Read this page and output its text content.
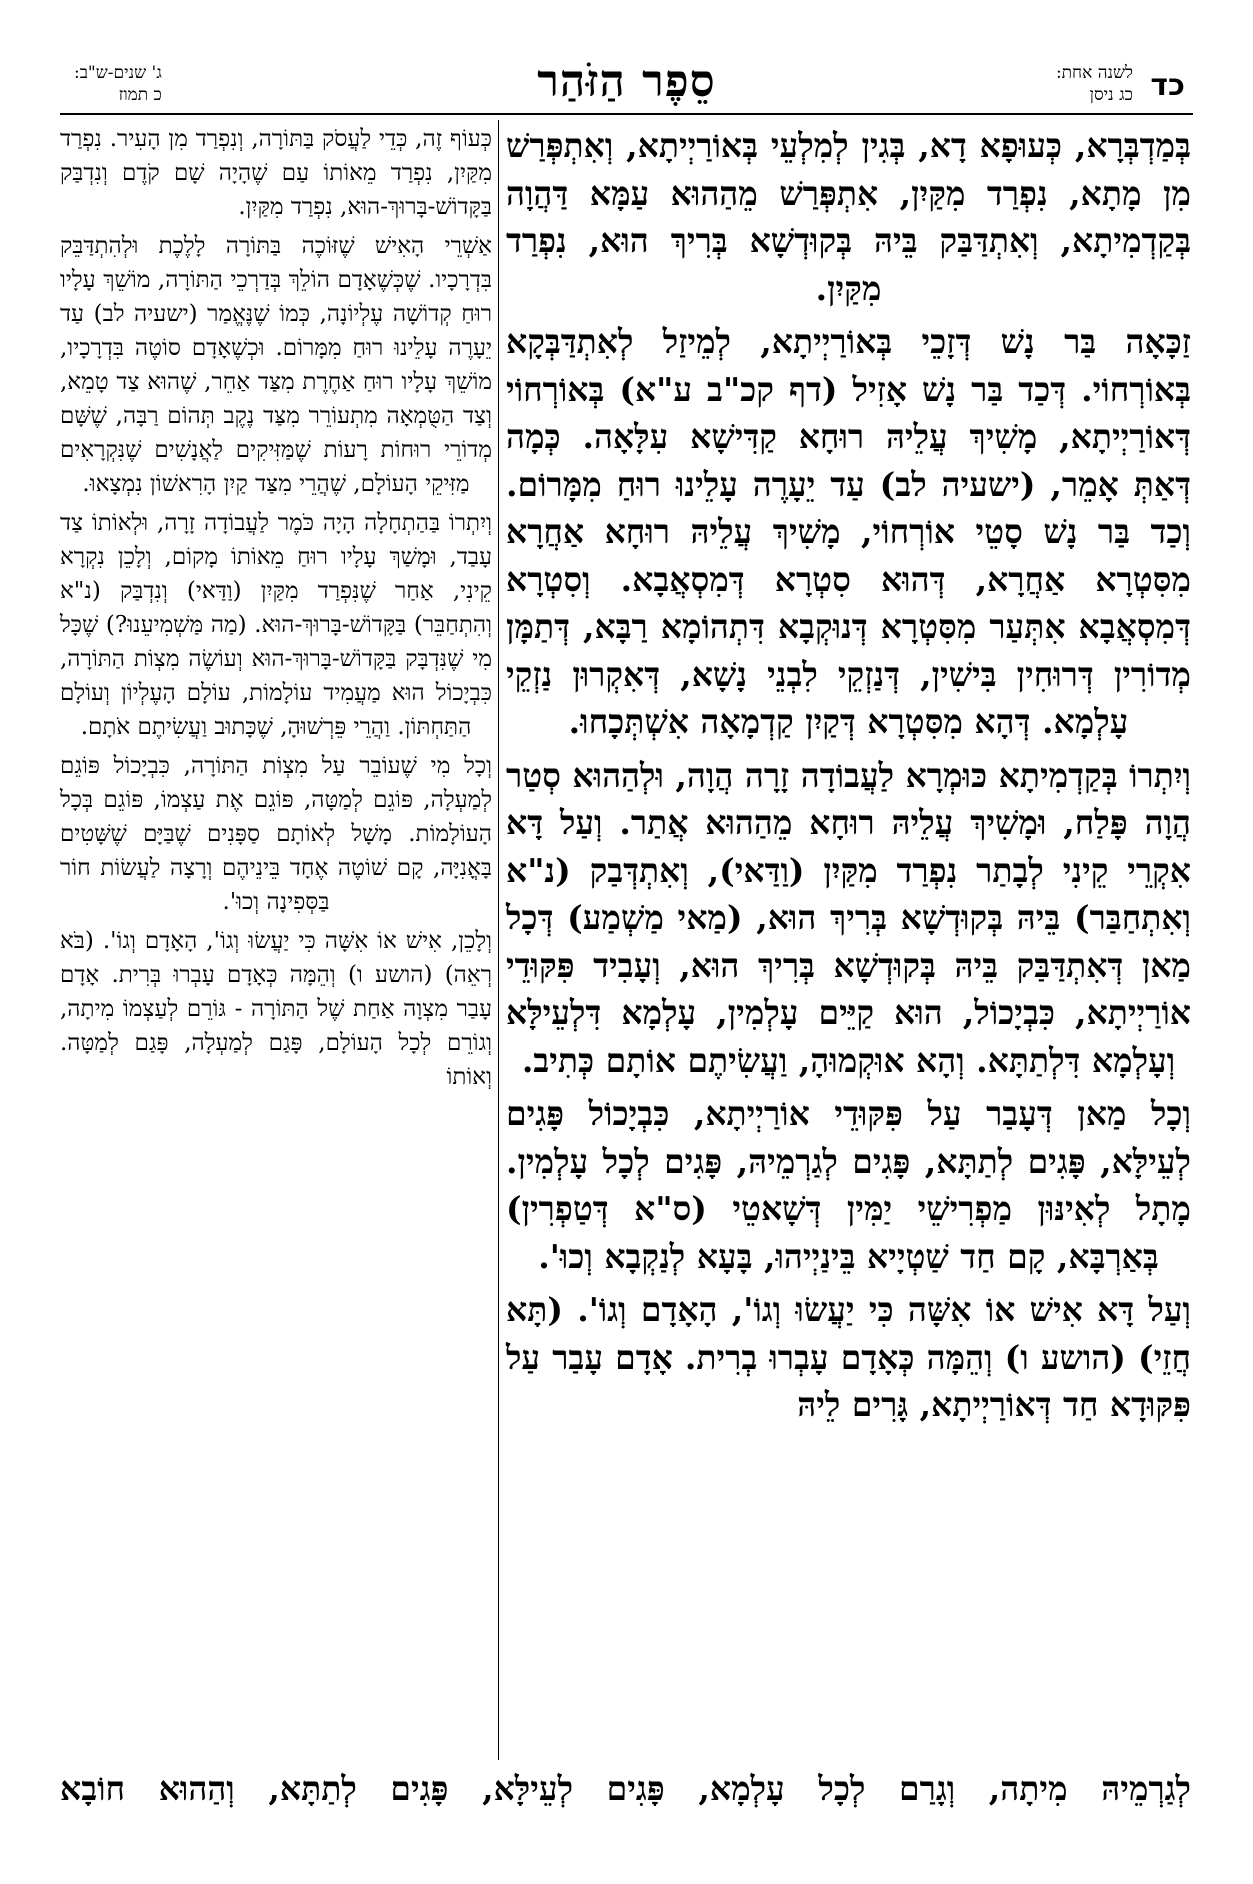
כד
לשנה אחת:
כג ניסן
סֵפֶר הַזֹּהַר
ג' שנים-ש"ב:
כ תמוז

בְּמַדְבְּרָא, כְּעוּפָא דָא, בְּגִין לְמִלְעֵי בְּאוֹרַיְיתָא, וְאִתְפְּרַשׁ מִן מָתָא, נִפְרַד מִקַּיִן, אִתְפְּרַשׁ מֵהַהוּא עַמָּא דַּהֲוָה בְּקַדְמִיתָא, וְאִתְדַּבַּק בֵּיהּ בְּקוּדְשָׁא בְּרִיךְ הוּא, נִפְרַד מִקַּיִן.

זַכָּאָה בַּר נָשׁ דְּזָכֵי בְּאוֹרַיְיתָא, לְמֵיזַל לְאִתְדַּבְּקָא בְּאוֹרְחוֹי. דְּכַד בַּר נָשׁ אָזִיל (דף קכ"ב ע"א) בְּאוֹרְחוֹי דְּאוֹרַיְיתָא, מָשִׁיךְ עֲלֵיהּ רוּחָא קַדִּישָׁא עִלָּאָה. כְּמָה דְּאַתְּ אָמֵר, (ישעיה לב) עַד יֵעָרֶה עָלֵינוּ רוּחַ מִמָּרוֹם. וְכַד בַּר נָשׁ סָטֵי אוֹרְחוֹי, מָשִׁיךְ עֲלֵיהּ רוּחָא אַחֲרָא מִסִּטְרָא אַחֲרָא, דְּהוּא סִטְרָא דְּמִסְאֲבָא. וְסִטְרָא דְּמִסְאֲבָא אִתְּעַר מִסִּטְרָא דְּנוּקְבָא דִּתְהוֹמָא רַבָּא, דְּתַמָּן מְדוֹרִין דְּרוּחִין בִּישִׁין, דְּנַזְקֵי לִבְנֵי נָשָׁא, דְּאִקְרוּן נַזְקֵי עָלְמָא. דְּהָא מִסִּטְרָא דְּקַיִן קַדְמָאָה אִשְׁתְּכָחוּ.

וְיִתְרוֹ בְּקַדְמִיתָא כּוּמְרָא לַעֲבוֹדָה זָרָה הֲוָה, וּלְהַהוּא סְטַר הֲוָה פָּלַח, וּמָשִׁיךְ עֲלֵיהּ רוּחָא מֵהַהוּא אֲתַר. וְעַל דָּא אִקְרֵי קֵינִי לְבָתַר נִפְרַד מִקַּיִן (וַדַּאי), וְאִתְדְּבַק (נ"א וְאִתְחַבַּר) בֵּיהּ בְּקוּדְשָׁא בְּרִיךְ הוּא, (מַאי מַשְׁמַע) דְּכָל מַאן דְּאִתְדַּבַּק בֵּיהּ בְּקוּדְשָׁא בְּרִיךְ הוּא, וְעָבִיד פִּקּוּדֵי אוֹרַיְיתָא, כִּבְיָכוֹל, הוּא קַיֵּים עָלְמִין, עָלְמָא דִּלְעֵילָּא וְעָלְמָא דִּלְתַתָּא. וְהָא אוּקְמוּהָ, וַעֲשִׂיתֶם אוֹתָם כְּתִיב.

וְכָל מַאן דְּעָבַר עַל פִּקּוּדֵי אוֹרַיְיתָא, כִּבְיָכוֹל פָּגִים לְעֵילָּא, פָּגִים לְתַתָּא, פָּגִים לְגַרְמֵיהּ, פָּגִים לְכָל עָלְמִין. מָתָל לְאִינּוּן מַפְרִישֵׁי יַמִּין דְּשָׁאטֵי (ס"א דְּטַפְרִין) בְּאַרְבָּא, קָם חַד שַׁטְיָיא בֵּינַיְיהוּ, בָּעָא לְנַקְבָא וְכוּ'.

וְעַל דָּא אִישׁ אוֹ אִשָּׁה כִּי יַעֲשׂוּ וְגוֹ', הָאָדָם וְגוֹ'. (תָּא חֲזֵי) (הושע ו) וְהֵמָּה כְּאָדָם עָבְרוּ בְרִית. אָדָם עָבַר עַל פִּקּוּדָא חַד דְּאוֹרַיְיתָא, גָּרִים לֵיהּ

כְּעוֹף זֶה, כְּדֵי לַעֲסֹק בַּתּוֹרָה, וְנִפְרַד מִן הָעִיר. נִפְרַד מִקַּיִן, נִפְרַד מֵאוֹתוֹ עַם שֶׁהָיָה שָׁם קֹדֶם וְנִדְבַּק בַּקָּדוֹשׁ-בָּרוּךְ-הוּא, נִפְרַד מִקַּיִן.

אַשְׁרֵי הָאִישׁ שֶׁזּוֹכֶה בַּתּוֹרָה לָלֶכֶת וּלְהִתְדַּבֵּק בִּדְרָכָיו. שֶׁכְּשֶׁאָדָם הוֹלֵךְ בְּדַרְכֵי הַתּוֹרָה, מוֹשֵׁךְ עָלָיו רוּחַ קְדוֹשָׁה עֶלְיוֹנָה, כְּמוֹ שֶׁנֶּאֱמַר (ישעיה לב) עַד יֵעָרֶה עָלֵינוּ רוּחַ מִמָּרוֹם. וּכְשֶׁאָדָם סוֹטֶה בִּדְרָכָיו, מוֹשֵׁךְ עָלָיו רוּחַ אַחֶרֶת מִצַּד אַחֵר, שֶׁהוּא צַד טָמֵא, וְצַד הַטֻּמְאָה מִתְעוֹרֵר מִצַּד נֶקֶב תְּהוֹם רַבָּה, שֶׁשָּׁם מְדוֹרֵי רוּחוֹת רָעוֹת שֶׁמַּזִּיקִים לַאֲנָשִׁים שֶׁנִּקְרָאִים מַזִּיקֵי הָעוֹלָם, שֶׁהֲרֵי מִצַּד קַיִן הָרִאשׁוֹן נִמְצָאוּ.

וְיִתְרוֹ בַּהַתְחָלָה הָיָה כֹּמֶר לַעֲבוֹדָה זָרָה, וּלְאוֹתוֹ צַד עָבַד, וּמָשַׁךְ עָלָיו רוּחַ מֵאוֹתוֹ מָקוֹם, וְלָכֵן נִקְרָא קֵינִי, אַחַר שֶׁנִּפְרַד מִקַּיִן (וַדַּאי) וְנִדְבַּק (נ"א וְהִתְחַבֵּר) בַּקָּדוֹשׁ-בָּרוּךְ-הוּא. (מַה מַּשְׁמִיעֵנוּ?) שֶׁכָּל מִי שֶׁנִּדְבָּק בַּקָּדוֹשׁ-בָּרוּךְ-הוּא וְעוֹשֶׂה מִצְוֹת הַתּוֹרָה, כִּבְיָכוֹל הוּא מַעֲמִיד עוֹלָמוֹת, עוֹלָם הָעֶלְיוֹן וְעוֹלָם הַתַּחְתּוֹן. וַהֲרֵי פֵּרְשׁוּהָ, שֶׁכָּתוּב וַעֲשִׂיתֶם אֹתָם.

וְכָל מִי שֶׁעוֹבֵר עַל מִצְוֹת הַתּוֹרָה, כִּבְיָכוֹל פּוֹגֵם לְמַעְלָה, פּוֹגֵם לְמַטָּה, פּוֹגֵם אֶת עַצְמוֹ, פּוֹגֵם בְּכָל הָעוֹלָמוֹת. מָשָׁל לְאוֹתָם סַפָּנִים שֶׁבַּיָּם שֶׁשָּׁטִים בָּאֳנִיָּה, קָם שׁוֹטֶה אֶחָד בֵּינֵיהֶם וְרָצָה לַעֲשׂוֹת חוֹר בַּסְּפִינָה וְכוּ'.

וְלָכֵן, אִישׁ אוֹ אִשָּׁה כִּי יַעֲשׂוּ וְגוֹ', הָאָדָם וְגוֹ'. (בֹּא רְאֵה) (הושע ו) וְהֵמָּה כְּאָדָם עָבְרוּ בְּרִית. אָדָם עָבַר מִצְוָה אַחַת שֶׁל הַתּוֹרָה - גּוֹרֵם לְעַצְמוֹ מִיתָה, וְגוֹרֵם לְכָל הָעוֹלָם, פָּגַם לְמַעְלָה, פָּגַם לְמַטָּה. וְאוֹתוֹ

לְגַרְמֵיהּ מִיתָה, וְגָרַם לְכָל עָלְמָא, פָּגִים לְעֵילָּא, פָּגִים לְתַתָּא, וְהַהוּא חוֹבָא
